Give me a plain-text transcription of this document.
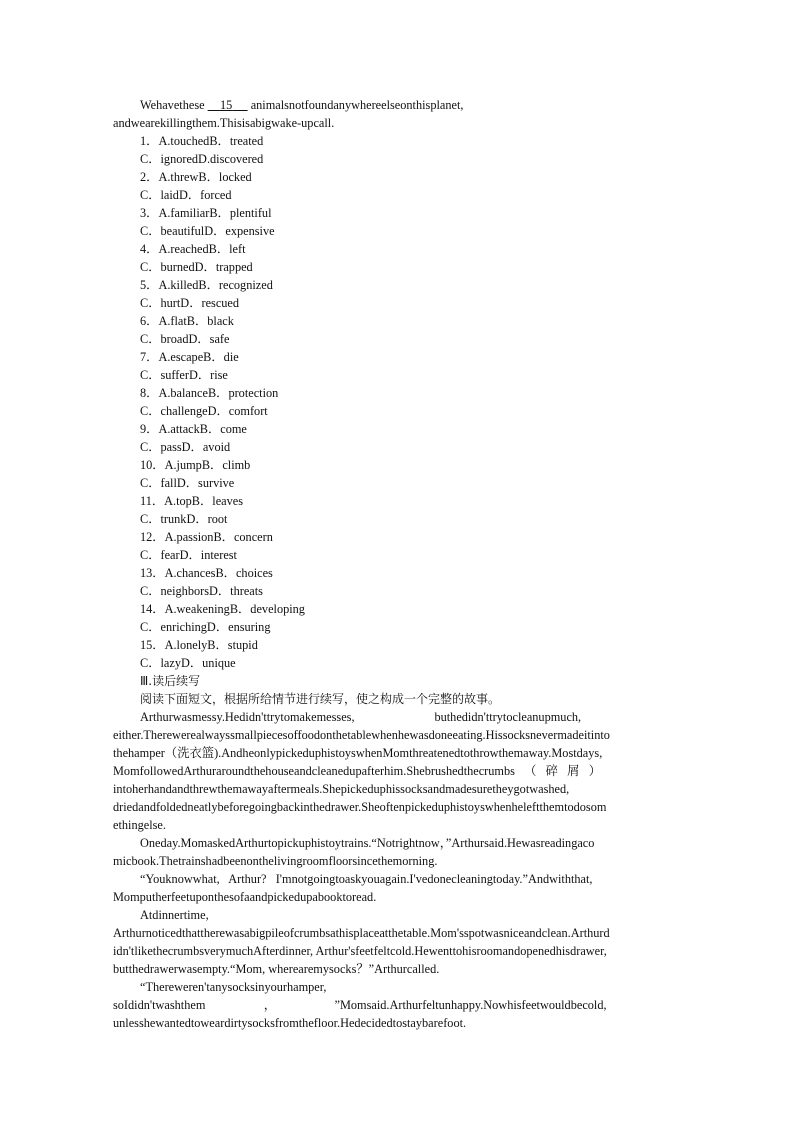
Wehavethese 15 animalsnotfoundanywhereelseonthisplanet,
andwearekillingthem.Thisisabigwake-upcall.
1．A.touchedB．treated
C．ignoredD.discovered
2．A.threwB．locked
C．laidD．forced
3．A.familiarB．plentiful
C．beautifulD．expensive
4．A.reachedB．left
C．burnedD．trapped
5．A.killedB．recognized
C．hurtD．rescued
6．A.flatB．black
C．broadD．safe
7．A.escapeB．die
C．sufferD．rise
8．A.balanceB．protection
C．challengeD．comfort
9．A.attackB．come
C．passD．avoid
10．A.jumpB．climb
C．fallD．survive
11．A.topB．leaves
C．trunkD．root
12．A.passionB．concern
C．fearD．interest
13．A.chancesB．choices
C．neighborsD．threats
14．A.weakeningB．developing
C．enrichingD．ensuring
15．A.lonelyB．stupid
C．lazyD．unique
Ⅲ.读后续写
阅读下面短文，根据所给情节进行续写，使之构成一个完整的故事。
Arthurwasmessy.Hedidn'ttrytomakemesses,                          buthedidn'ttrytocleanupmuch,
either.Therewerealwayssmallpiecesoffoodonthetablewhenhewasdoneeating.Hissocksnevermadeitinto
thehamper（洗衣篮).AndheonlypickeduphistoyswhenMomthreatenedtothrowthemaway.Mostdays,
MomfollowedArthuraroundthehouseandcleanedupafterhim.Shebrushedthecrumbs   （   碎   屑   ）
intoherhandandthrewthemawayaftermeals.Shepickeduphissocksandmadesuretheygotwashed,
driedandfoldedneatlybeforegoingbackinthedrawer.Sheoftenpickeduphistoyswhenheleftthemtodosom
ethingelse.
Oneday.MomaskedArthurtopickuphistoytrains.“Notrightnow，”Arthursaid.Hewasreadingaco
micbook.Thetrainshadbeenonthelivingroomfloorsincethemorning.
“Youknowwhat,   Arthur?   I'mnotgoingtoaskyouagain.I'vedonecleaningtoday.”Andwiththat,
Momputherfeetuponthesofaandpickedupabooktoread.
Atdinnertime,
Arthurnoticedthattherewasabigpileofcrumbsathisplaceatthetable.Mom'sspotwasniceandclean.Arthurd
idn'tlikethecrumbsverymuchAfterdinner, Arthur'sfeetfeltcold.Hewenttohisroomandopenedhisdrawer,
butthedrawerwasempty.“Mom, wherearemysocks？”Arthurcalled.
“Thereweren'tanysocksinyourhamper,
soIdidn'twashthem                   ，                   ”Momsaid.Arthurfeltunhappy.Nowhisfeetwouldbecold,
unlesshewantedtoweardirtysocksfromthefloor.Hedecidedtostaybarefoot.
